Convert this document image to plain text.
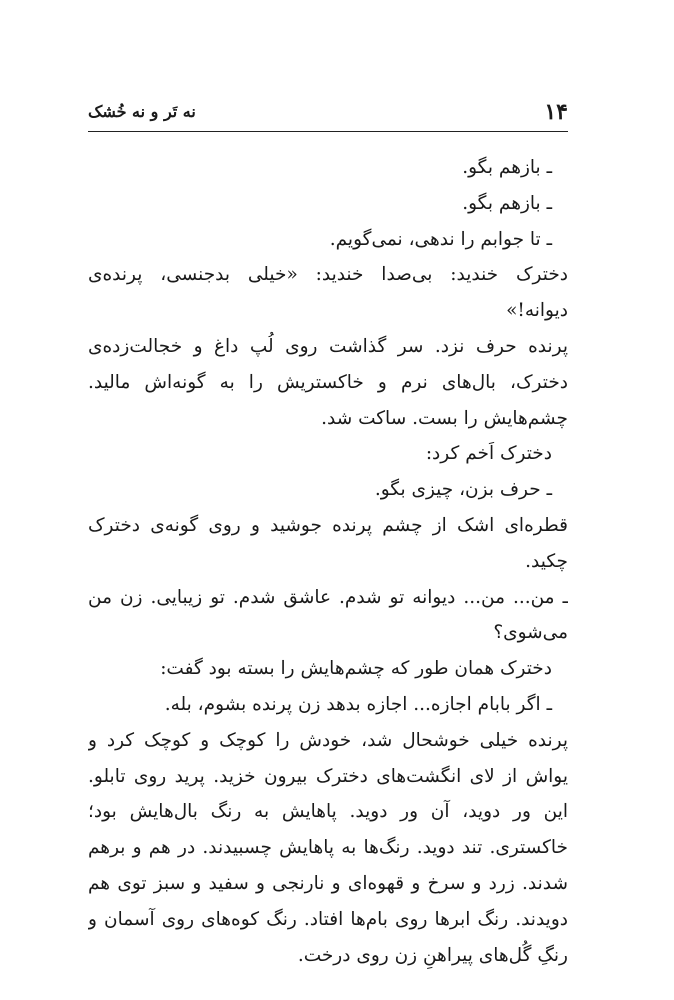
۱۴
نه تَر و نه خُشک
ـ بازهم بگو.
ـ بازهم بگو.
ـ تا جوابم را ندهی، نمی‌گویم.
دخترک خندید: بی‌صدا خندید: «خیلی بدجنسی، پرنده‌ی
دیوانه!»
پرنده حرف نزد. سر گذاشت روی لُپ داغ و خجالت‌زده‌ی
دخترک، بال‌های نرم و خاکستریش را به گونه‌اش مالید.
چشم‌هایش را بست. ساکت شد.
دخترک اَخم کرد:
ـ حرف بزن، چیزی بگو.
قطره‌ای اشک از چشم پرنده جوشید و روی گونه‌ی دخترک
چکید.
ـ من... من... دیوانه تو شدم. عاشق شدم. تو زیبایی. زن من
می‌شوی؟
دخترک همان طور که چشم‌هایش را بسته بود گفت:
ـ اگر بابام اجازه... اجازه بدهد زن پرنده بشوم، بله.
پرنده خیلی خوشحال شد، خودش را کوچک و کوچک کرد و
یواش از لای انگشت‌های دخترک بیرون خزید. پرید روی تابلو.
این ور دوید، آن ور دوید. پاهایش به رنگ بال‌هایش بود؛
خاکستری. تند دوید. رنگ‌ها به پاهایش چسبیدند. در هم و برهم
شدند. زرد و سرخ و قهوه‌ای و نارنجی و سفید و سبز توی هم
دویدند. رنگ ابرها روی بام‌ها افتاد. رنگ کوه‌های روی آسمان و
رنگِ گُل‌های پیراهنِ زن روی درخت.
